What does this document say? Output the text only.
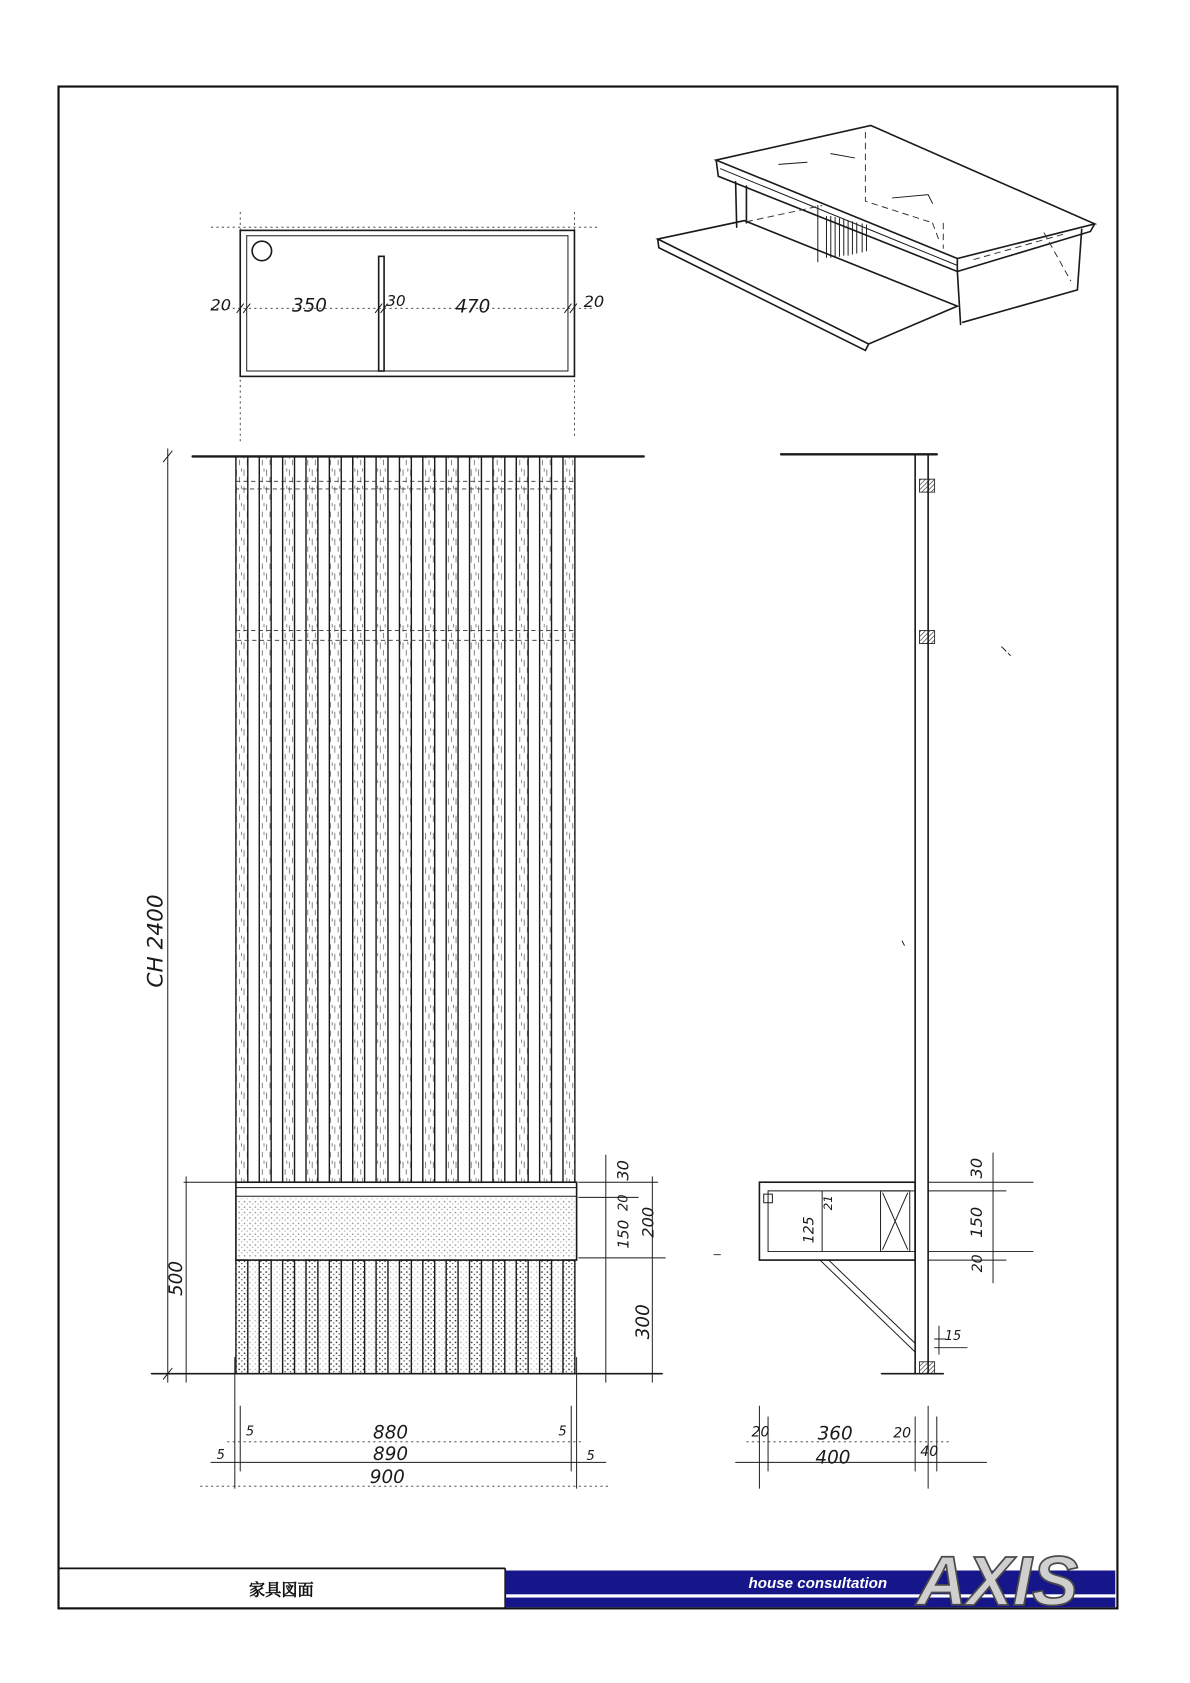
20	350	30	470	20
CH 2400
500
30
20
200
150
300
5	880	5
5	890	5
900
125
21
15
30
150
20
20	360	20
40
400
家具図面	house consultation AXIS
